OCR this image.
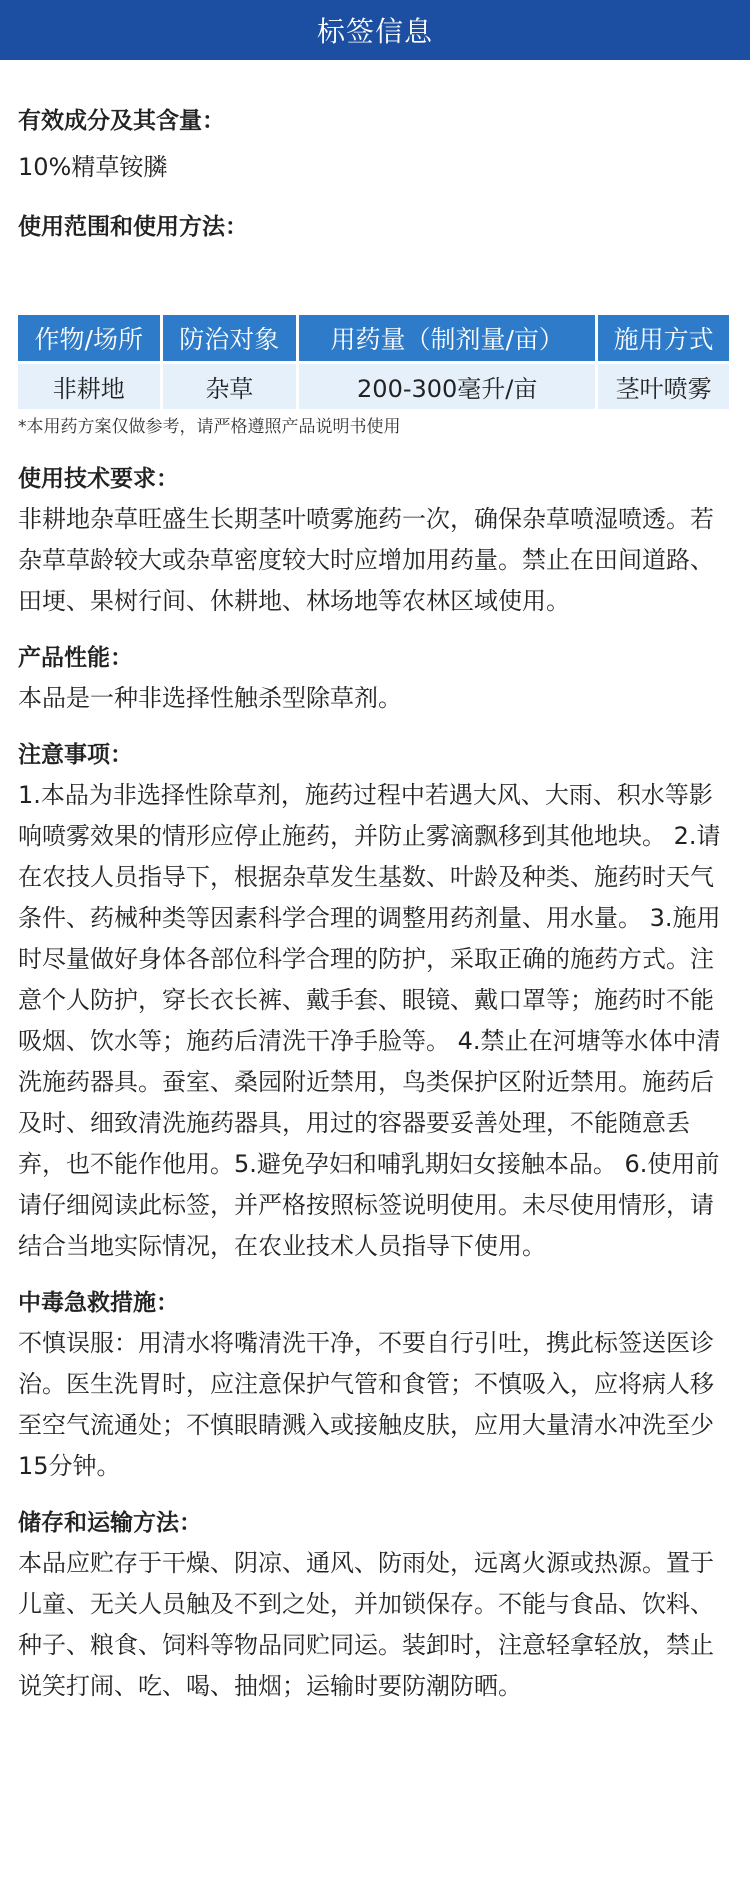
标签信息

有效成分及其含量：

10%精草铵膦

使用范围和使用方法：

作物/场所	防治对象	用药量（制剂量/亩）	施用方式
非耕地	杂草	200-300毫升/亩	茎叶喷雾

*本用药方案仅做参考，请严格遵照产品说明书使用

使用技术要求：

非耕地杂草旺盛生长期茎叶喷雾施药一次，确保杂草喷湿喷透。若杂草草龄较大或杂草密度较大时应增加用药量。禁止在田间道路、田埂、果树行间、休耕地、林场地等农林区域使用。

产品性能：

本品是一种非选择性触杀型除草剂。

注意事项：

1.本品为非选择性除草剂，施药过程中若遇大风、大雨、积水等影响喷雾效果的情形应停止施药，并防止雾滴飘移到其他地块。 2.请在农技人员指导下，根据杂草发生基数、叶龄及种类、施药时天气条件、药械种类等因素科学合理的调整用药剂量、用水量。 3.施用时尽量做好身体各部位科学合理的防护，采取正确的施药方式。注意个人防护，穿长衣长裤、戴手套、眼镜、戴口罩等；施药时不能吸烟、饮水等；施药后清洗干净手脸等。 4.禁止在河塘等水体中清洗施药器具。蚕室、桑园附近禁用，鸟类保护区附近禁用。施药后及时、细致清洗施药器具，用过的容器要妥善处理，不能随意丢弃，也不能作他用。5.避免孕妇和哺乳期妇女接触本品。 6.使用前请仔细阅读此标签，并严格按照标签说明使用。未尽使用情形，请结合当地实际情况，在农业技术人员指导下使用。

中毒急救措施：

不慎误服：用清水将嘴清洗干净，不要自行引吐，携此标签送医诊治。医生洗胃时，应注意保护气管和食管；不慎吸入，应将病人移至空气流通处；不慎眼睛溅入或接触皮肤，应用大量清水冲洗至少15分钟。

储存和运输方法：

本品应贮存于干燥、阴凉、通风、防雨处，远离火源或热源。置于儿童、无关人员触及不到之处，并加锁保存。不能与食品、饮料、种子、粮食、饲料等物品同贮同运。装卸时，注意轻拿轻放，禁止说笑打闹、吃、喝、抽烟；运输时要防潮防晒。
